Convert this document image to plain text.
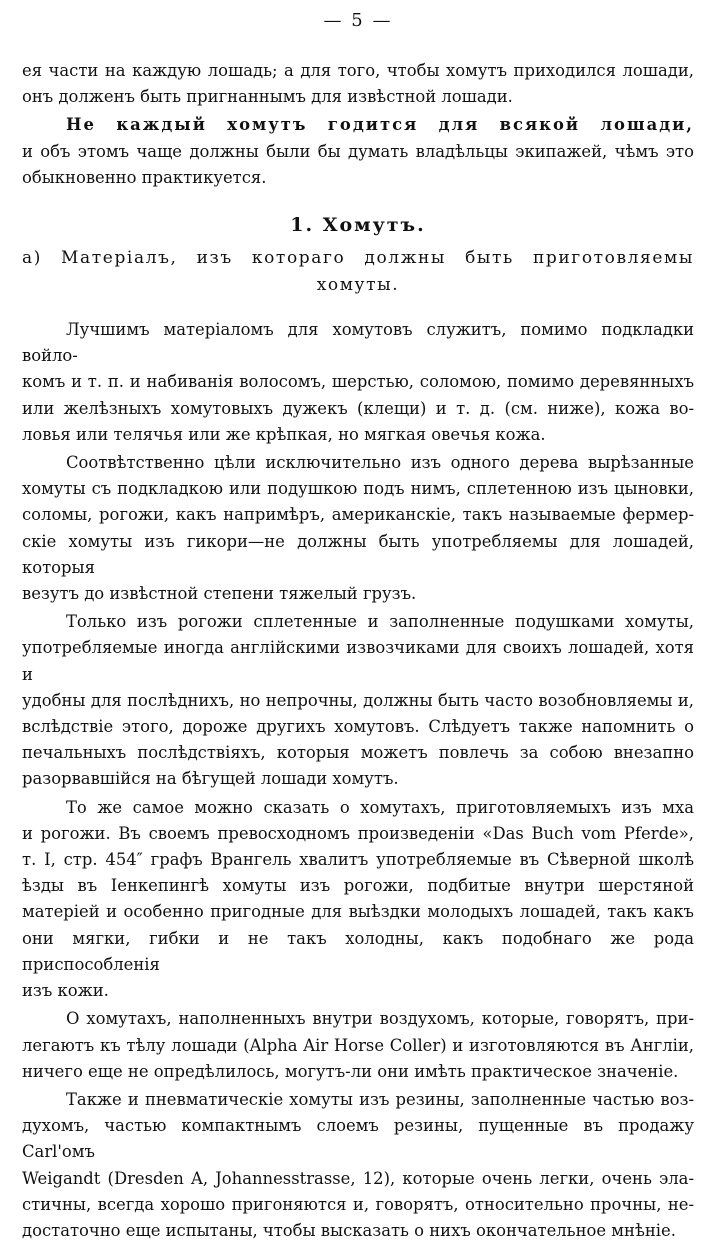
— 5 —

ея части на каждую лошадь; а для того, чтобы хомутъ приходился лошади,

онъ долженъ быть пригнаннымъ для извѣстной лошади.

Не каждый хомутъ годится для всякой лошади,

и объ этомъ чаще должны были бы думать владѣльцы экипажей, чѣмъ это

обыкновенно практикуется.

1. Хомутъ.
а) Матеріалъ, изъ котораго должны быть приготовляемы
хомуты.

Лучшимъ матеріаломъ для хомутовъ служитъ, помимо подкладки войло-

комъ и т. п. и набиванія волосомъ, шерстью, соломою, помимо деревянныхъ

или желѣзныхъ хомутовыхъ дужекъ (клещи) и т. д. (см. ниже), кожа во-

ловья или телячья или же крѣпкая, но мягкая овечья кожа.

Соотвѣтственно цѣли исключительно изъ одного дерева вырѣзанные

хомуты съ подкладкою или подушкою подъ нимъ, сплетенною изъ цыновки,

соломы, рогожи, какъ напримѣръ, американскіе, такъ называемые фермер-

скіе хомуты изъ гикори—не должны быть употребляемы для лошадей, которыя

везутъ до извѣстной степени тяжелый грузъ.

Только изъ рогожи сплетенные и заполненные подушками хомуты,

употребляемые иногда англійскими извозчиками для своихъ лошадей, хотя и

удобны для послѣднихъ, но непрочны, должны быть часто возобновляемы и,

вслѣдствіе этого, дороже другихъ хомутовъ. Слѣдуетъ также напомнить о

печальныхъ послѣдствіяхъ, которыя можетъ повлечь за собою внезапно

разорвавшійся на бѣгущей лошади хомутъ.

То же самое можно сказать о хомутахъ, приготовляемыхъ изъ мха

и рогожи. Въ своемъ превосходномъ произведеніи «Das Buch vom Pferde»,

т. I, стр. 454″ графъ Врангель хвалитъ употребляемые въ Сѣверной школѣ

ѣзды въ Іенкепингѣ хомуты изъ рогожи, подбитые внутри шерстяной

матеріей и особенно пригодные для выѣздки молодыхъ лошадей, такъ какъ

они мягки, гибки и не такъ холодны, какъ подобнаго же рода приспособленія

изъ кожи.

О хомутахъ, наполненныхъ внутри воздухомъ, которые, говорятъ, при-

легаютъ къ тѣлу лошади (Alpha Air Horse Coller) и изготовляются въ Англіи,

ничего еще не опредѣлилось, могутъ-ли они имѣть практическое значеніе.

Также и пневматическіе хомуты изъ резины, заполненные частью воз-

духомъ, частью компактнымъ слоемъ резины, пущенные въ продажу Carl'омъ

Weigandt (Dresden A, Johannesstrasse, 12), которые очень легки, очень эла-

стичны, всегда хорошо пригоняются и, говорятъ, относительно прочны, не-

достаточно еще испытаны, чтобы высказать о нихъ окончательное мнѣніе.
